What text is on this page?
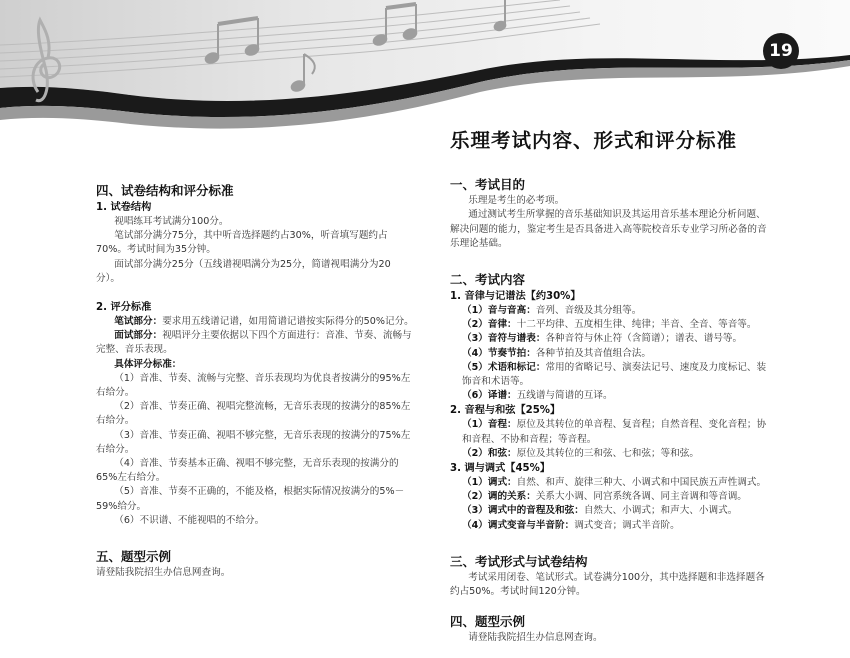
19

四、试卷结构和评分标准

1. 试卷结构

视唱练耳考试满分100分。

笔试部分满分75分，其中听音选择题约占30%，听音填写题约占70%。考试时间为35分钟。

面试部分满分25分（五线谱视唱满分为25分，简谱视唱满分为20分）。

2. 评分标准

笔试部分：要求用五线谱记谱，如用简谱记谱按实际得分的50%记分。

面试部分：视唱评分主要依据以下四个方面进行：音准、节奏、流畅与完整、音乐表现。

具体评分标准：

（1）音准、节奏、流畅与完整、音乐表现均为优良者按满分的95%左右给分。

（2）音准、节奏正确、视唱完整流畅，无音乐表现的按满分的85%左右给分。

（3）音准、节奏正确、视唱不够完整，无音乐表现的按满分的75%左右给分。

（4）音准、节奏基本正确、视唱不够完整，无音乐表现的按满分的65%左右给分。

（5）音准、节奏不正确的，不能及格，根据实际情况按满分的5%－59%给分。

（6）不识谱、不能视唱的不给分。

五、题型示例

请登陆我院招生办信息网查询。

乐理考试内容、形式和评分标准

一、考试目的

乐理是考生的必考项。

通过测试考生所掌握的音乐基础知识及其运用音乐基本理论分析问题、解决问题的能力，鉴定考生是否具备进入高等院校音乐专业学习所必备的音乐理论基础。

二、考试内容

1. 音律与记谱法【约30%】

（1）音与音高：音列、音级及其分组等。

（2）音律：十二平均律、五度相生律、纯律；半音、全音、等音等。

（3）音符与谱表：各种音符与休止符（含简谱）；谱表、谱号等。

（4）节奏节拍：各种节拍及其音值组合法。

（5）术语和标记：常用的省略记号、演奏法记号、速度及力度标记、装饰音和术语等。

（6）译谱：五线谱与简谱的互译。

2. 音程与和弦【25%】

（1）音程：原位及其转位的单音程、复音程；自然音程、变化音程；协和音程、不协和音程；等音程。

（2）和弦：原位及其转位的三和弦、七和弦；等和弦。

3. 调与调式【45%】

（1）调式：自然、和声、旋律三种大、小调式和中国民族五声性调式。

（2）调的关系：关系大小调、同宫系统各调、同主音调和等音调。

（3）调式中的音程及和弦：自然大、小调式；和声大、小调式。

（4）调式变音与半音阶：调式变音；调式半音阶。

三、考试形式与试卷结构

考试采用闭卷、笔试形式。试卷满分100分，其中选择题和非选择题各约占50%。考试时间120分钟。

四、题型示例

请登陆我院招生办信息网查询。
